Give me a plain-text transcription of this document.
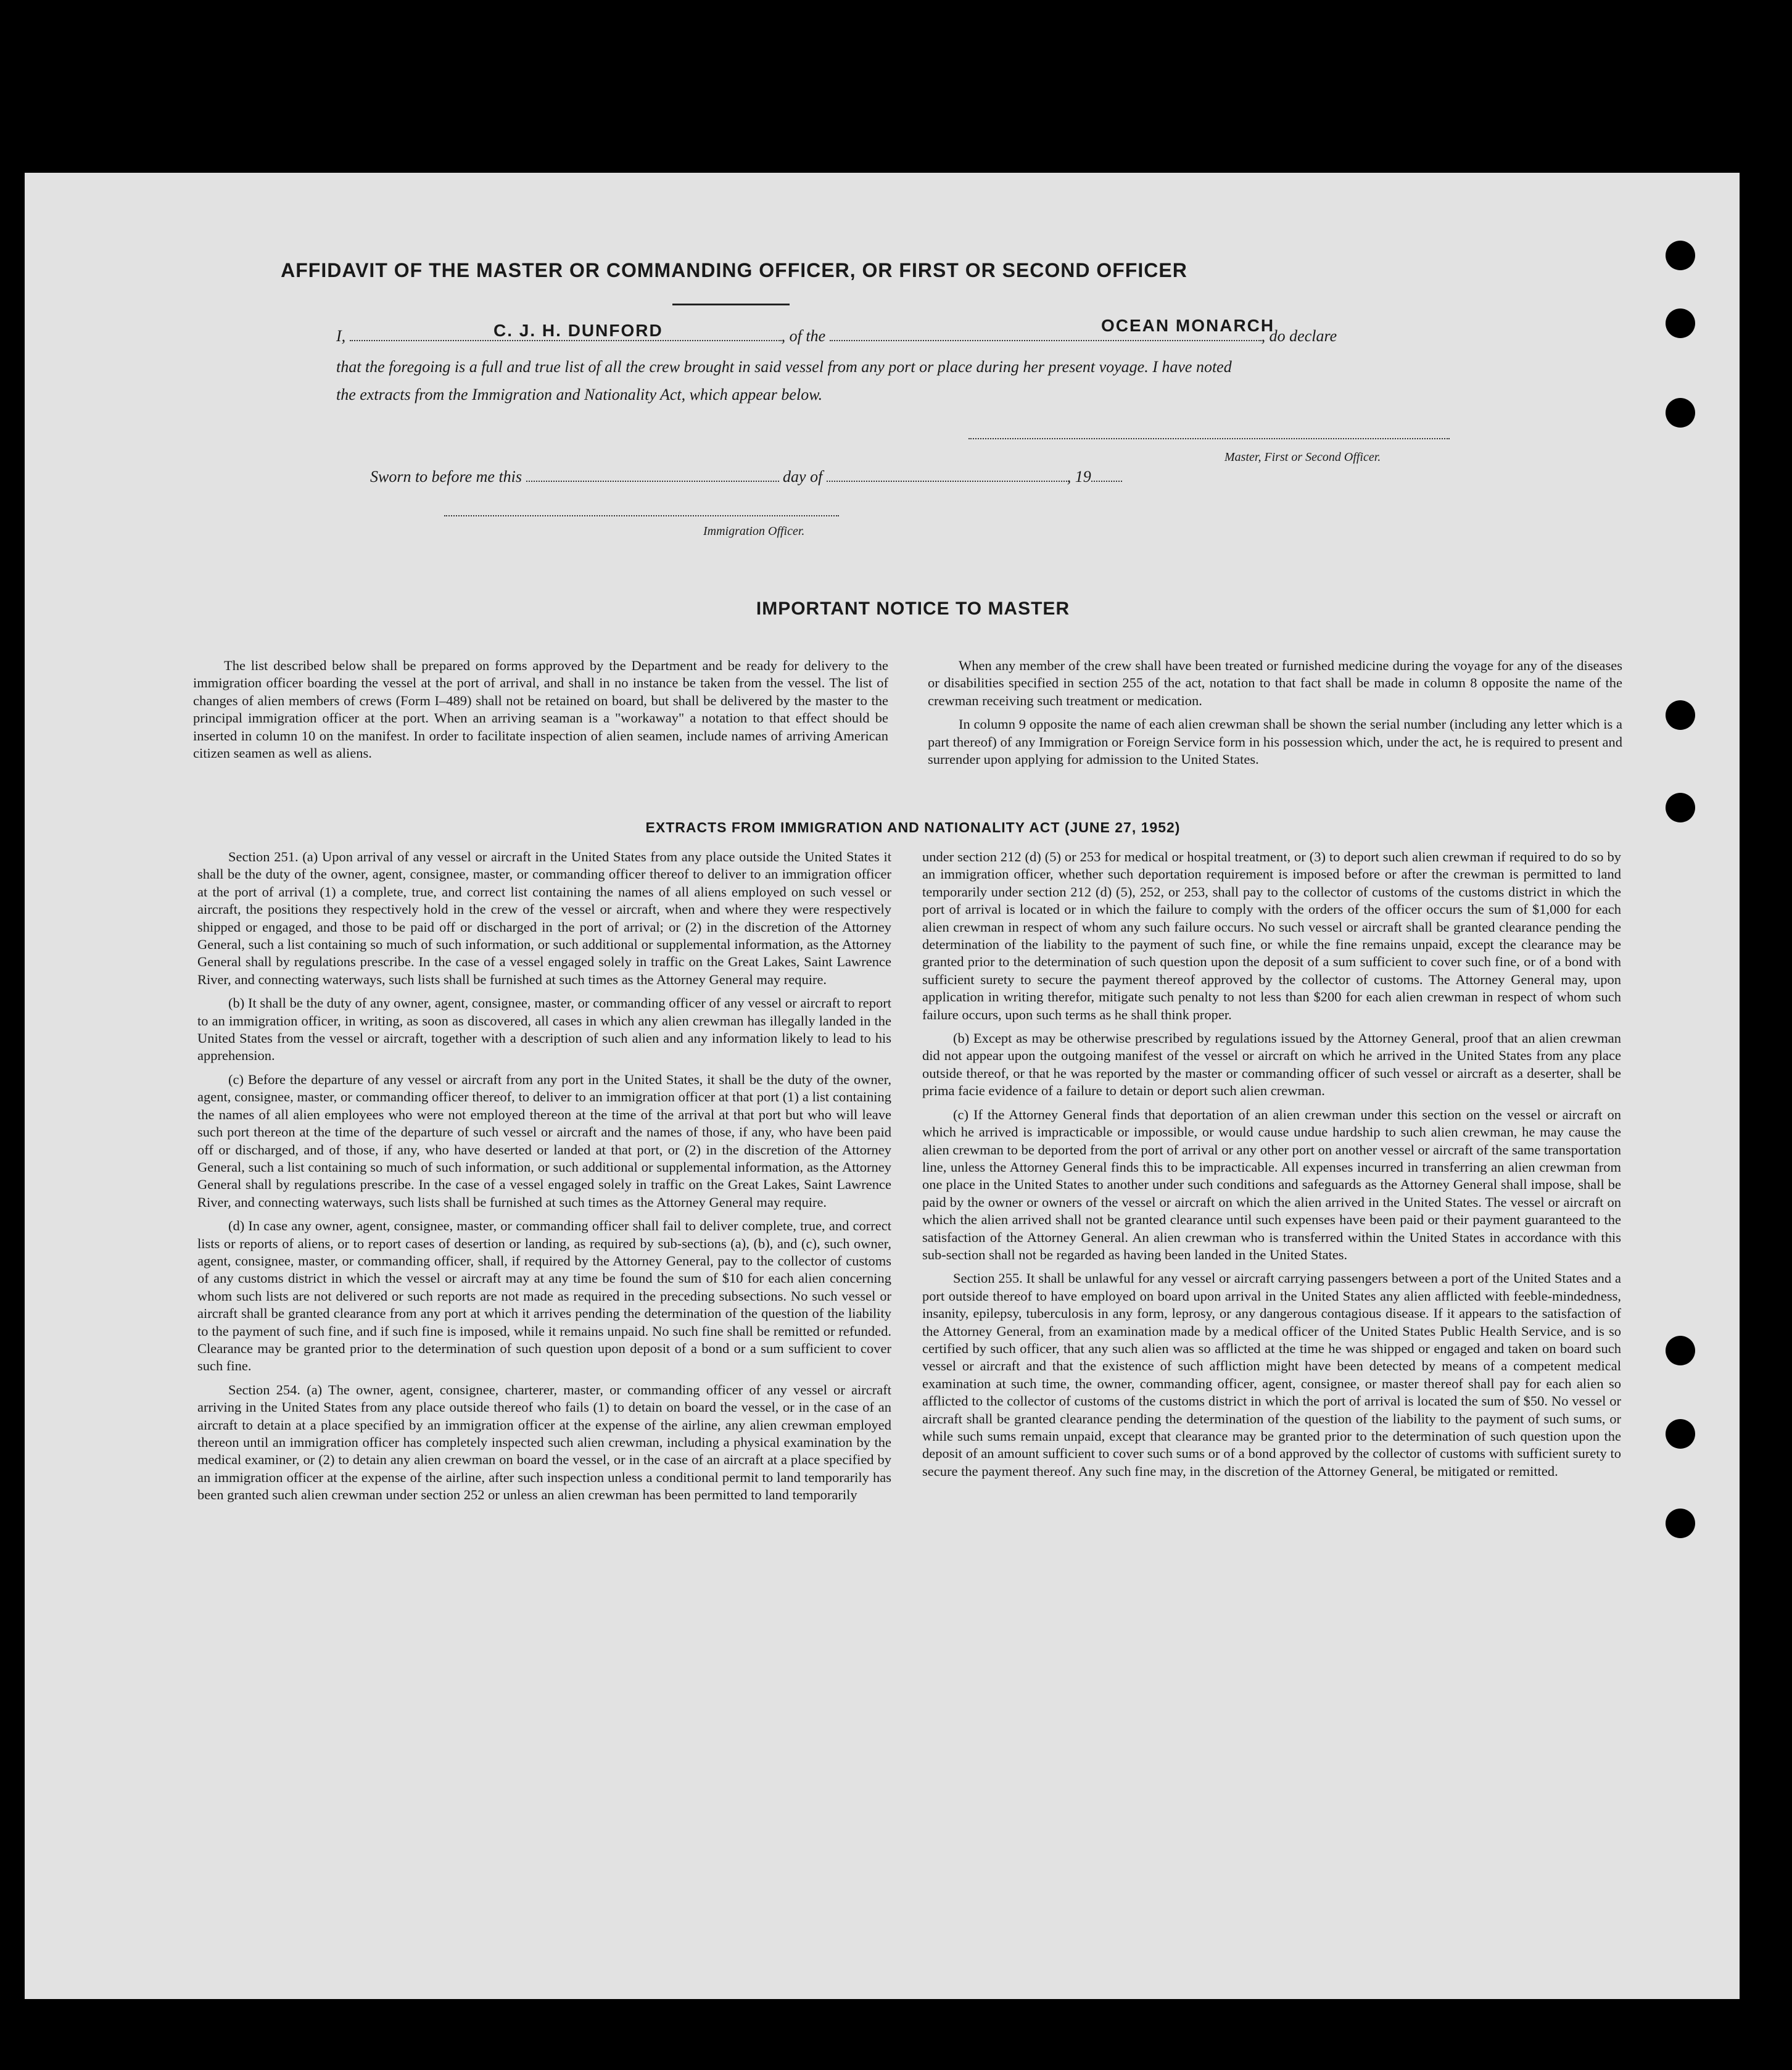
AFFIDAVIT OF THE MASTER OR COMMANDING OFFICER, OR FIRST OR SECOND OFFICER
I,	, of the	, do declare
C. J. H. DUNFORD	OCEAN MONARCH
that the foregoing is a full and true list of all the crew brought in said vessel from any port or place during her present voyage. I have noted
the extracts from the Immigration and Nationality Act, which appear below.
Master, First or Second Officer.
Sworn to before me this	day of	, 19
Immigration Officer.
IMPORTANT NOTICE TO MASTER

The list described below shall be prepared on forms approved by the Department and be ready for delivery to the immigration officer boarding the vessel at the port of arrival, and shall in no instance be taken from the vessel. The list of changes of alien members of crews (Form I–489) shall not be retained on board, but shall be delivered by the master to the principal immigration officer at the port. When an arriving seaman is a "workaway" a notation to that effect should be inserted in column 10 on the manifest. In order to facilitate inspection of alien seamen, include names of arriving American citizen seamen as well as aliens.

When any member of the crew shall have been treated or furnished medicine during the voyage for any of the diseases or disabilities specified in section 255 of the act, notation to that fact shall be made in column 8 opposite the name of the crewman receiving such treatment or medication.

In column 9 opposite the name of each alien crewman shall be shown the serial number (including any letter which is a part thereof) of any Immigration or Foreign Service form in his possession which, under the act, he is required to present and surrender upon applying for admission to the United States.

EXTRACTS FROM IMMIGRATION AND NATIONALITY ACT (JUNE 27, 1952)

Section 251. (a) Upon arrival of any vessel or aircraft in the United States from any place outside the United States it shall be the duty of the owner, agent, consignee, master, or commanding officer thereof to deliver to an immigration officer at the port of arrival (1) a complete, true, and correct list containing the names of all aliens employed on such vessel or aircraft, the positions they respectively hold in the crew of the vessel or aircraft, when and where they were respectively shipped or engaged, and those to be paid off or discharged in the port of arrival; or (2) in the discretion of the Attorney General, such a list containing so much of such information, or such additional or supplemental information, as the Attorney General shall by regulations prescribe. In the case of a vessel engaged solely in traffic on the Great Lakes, Saint Lawrence River, and connecting waterways, such lists shall be furnished at such times as the Attorney General may require.

(b) It shall be the duty of any owner, agent, consignee, master, or commanding officer of any vessel or aircraft to report to an immigration officer, in writing, as soon as discovered, all cases in which any alien crewman has illegally landed in the United States from the vessel or aircraft, together with a description of such alien and any information likely to lead to his apprehension.

(c) Before the departure of any vessel or aircraft from any port in the United States, it shall be the duty of the owner, agent, consignee, master, or commanding officer thereof, to deliver to an immigration officer at that port (1) a list containing the names of all alien employees who were not employed thereon at the time of the arrival at that port but who will leave such port thereon at the time of the departure of such vessel or aircraft and the names of those, if any, who have been paid off or discharged, and of those, if any, who have deserted or landed at that port, or (2) in the discretion of the Attorney General, such a list containing so much of such information, or such additional or supplemental information, as the Attorney General shall by regulations prescribe. In the case of a vessel engaged solely in traffic on the Great Lakes, Saint Lawrence River, and connecting waterways, such lists shall be furnished at such times as the Attorney General may require.

(d) In case any owner, agent, consignee, master, or commanding officer shall fail to deliver complete, true, and correct lists or reports of aliens, or to report cases of desertion or landing, as required by sub-sections (a), (b), and (c), such owner, agent, consignee, master, or commanding officer, shall, if required by the Attorney General, pay to the collector of customs of any customs district in which the vessel or aircraft may at any time be found the sum of $10 for each alien concerning whom such lists are not delivered or such reports are not made as required in the preceding subsections. No such vessel or aircraft shall be granted clearance from any port at which it arrives pending the determination of the question of the liability to the payment of such fine, and if such fine is imposed, while it remains unpaid. No such fine shall be remitted or refunded. Clearance may be granted prior to the determination of such question upon deposit of a bond or a sum sufficient to cover such fine.

Section 254. (a) The owner, agent, consignee, charterer, master, or commanding officer of any vessel or aircraft arriving in the United States from any place outside thereof who fails (1) to detain on board the vessel, or in the case of an aircraft to detain at a place specified by an immigration officer at the expense of the airline, any alien crewman employed thereon until an immigration officer has completely inspected such alien crewman, including a physical examination by the medical examiner, or (2) to detain any alien crewman on board the vessel, or in the case of an aircraft at a place specified by an immigration officer at the expense of the airline, after such inspection unless a conditional permit to land temporarily has been granted such alien crewman under section 252 or unless an alien crewman has been permitted to land temporarily

under section 212 (d) (5) or 253 for medical or hospital treatment, or (3) to deport such alien crewman if required to do so by an immigration officer, whether such deportation requirement is imposed before or after the crewman is permitted to land temporarily under section 212 (d) (5), 252, or 253, shall pay to the collector of customs of the customs district in which the port of arrival is located or in which the failure to comply with the orders of the officer occurs the sum of $1,000 for each alien crewman in respect of whom any such failure occurs. No such vessel or aircraft shall be granted clearance pending the determination of the liability to the payment of such fine, or while the fine remains unpaid, except the clearance may be granted prior to the determination of such question upon the deposit of a sum sufficient to cover such fine, or of a bond with sufficient surety to secure the payment thereof approved by the collector of customs. The Attorney General may, upon application in writing therefor, mitigate such penalty to not less than $200 for each alien crewman in respect of whom such failure occurs, upon such terms as he shall think proper.

(b) Except as may be otherwise prescribed by regulations issued by the Attorney General, proof that an alien crewman did not appear upon the outgoing manifest of the vessel or aircraft on which he arrived in the United States from any place outside thereof, or that he was reported by the master or commanding officer of such vessel or aircraft as a deserter, shall be prima facie evidence of a failure to detain or deport such alien crewman.

(c) If the Attorney General finds that deportation of an alien crewman under this section on the vessel or aircraft on which he arrived is impracticable or impossible, or would cause undue hardship to such alien crewman, he may cause the alien crewman to be deported from the port of arrival or any other port on another vessel or aircraft of the same transportation line, unless the Attorney General finds this to be impracticable. All expenses incurred in transferring an alien crewman from one place in the United States to another under such conditions and safeguards as the Attorney General shall impose, shall be paid by the owner or owners of the vessel or aircraft on which the alien arrived in the United States. The vessel or aircraft on which the alien arrived shall not be granted clearance until such expenses have been paid or their payment guaranteed to the satisfaction of the Attorney General. An alien crewman who is transferred within the United States in accordance with this sub-section shall not be regarded as having been landed in the United States.

Section 255. It shall be unlawful for any vessel or aircraft carrying passengers between a port of the United States and a port outside thereof to have employed on board upon arrival in the United States any alien afflicted with feeble-mindedness, insanity, epilepsy, tuberculosis in any form, leprosy, or any dangerous contagious disease. If it appears to the satisfaction of the Attorney General, from an examination made by a medical officer of the United States Public Health Service, and is so certified by such officer, that any such alien was so afflicted at the time he was shipped or engaged and taken on board such vessel or aircraft and that the existence of such affliction might have been detected by means of a competent medical examination at such time, the owner, commanding officer, agent, consignee, or master thereof shall pay for each alien so afflicted to the collector of customs of the customs district in which the port of arrival is located the sum of $50. No vessel or aircraft shall be granted clearance pending the determination of the question of the liability to the payment of such sums, or while such sums remain unpaid, except that clearance may be granted prior to the determination of such question upon the deposit of an amount sufficient to cover such sums or of a bond approved by the collector of customs with sufficient surety to secure the payment thereof. Any such fine may, in the discretion of the Attorney General, be mitigated or remitted.
